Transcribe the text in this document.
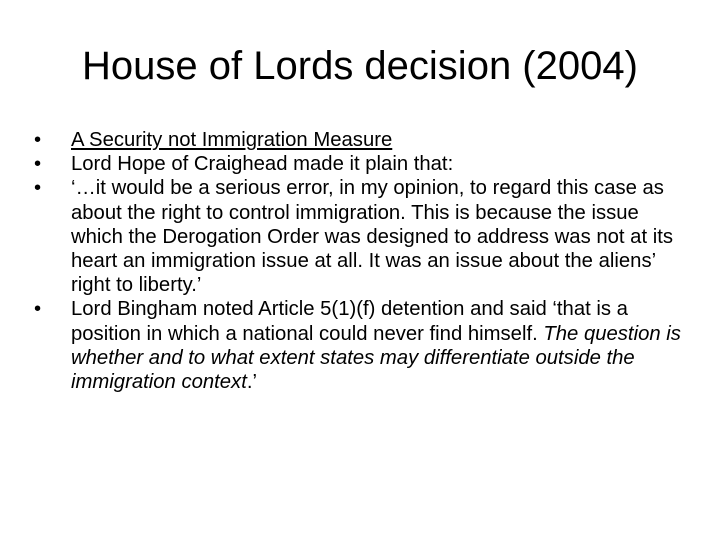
House of Lords decision (2004)
•	A Security not Immigration Measure
•	Lord Hope of Craighead made it plain that:
•	‘…it would be a serious error, in my opinion, to regard this case as about the right to control immigration. This is because the issue which the Derogation Order was designed to address was not at its heart an immigration issue at all. It was an issue about the aliens’ right to liberty.’
•	Lord Bingham noted Article 5(1)(f) detention and said ‘that is a position in which a national could never find himself. The question is whether and to what extent states may differentiate outside the immigration context.’
